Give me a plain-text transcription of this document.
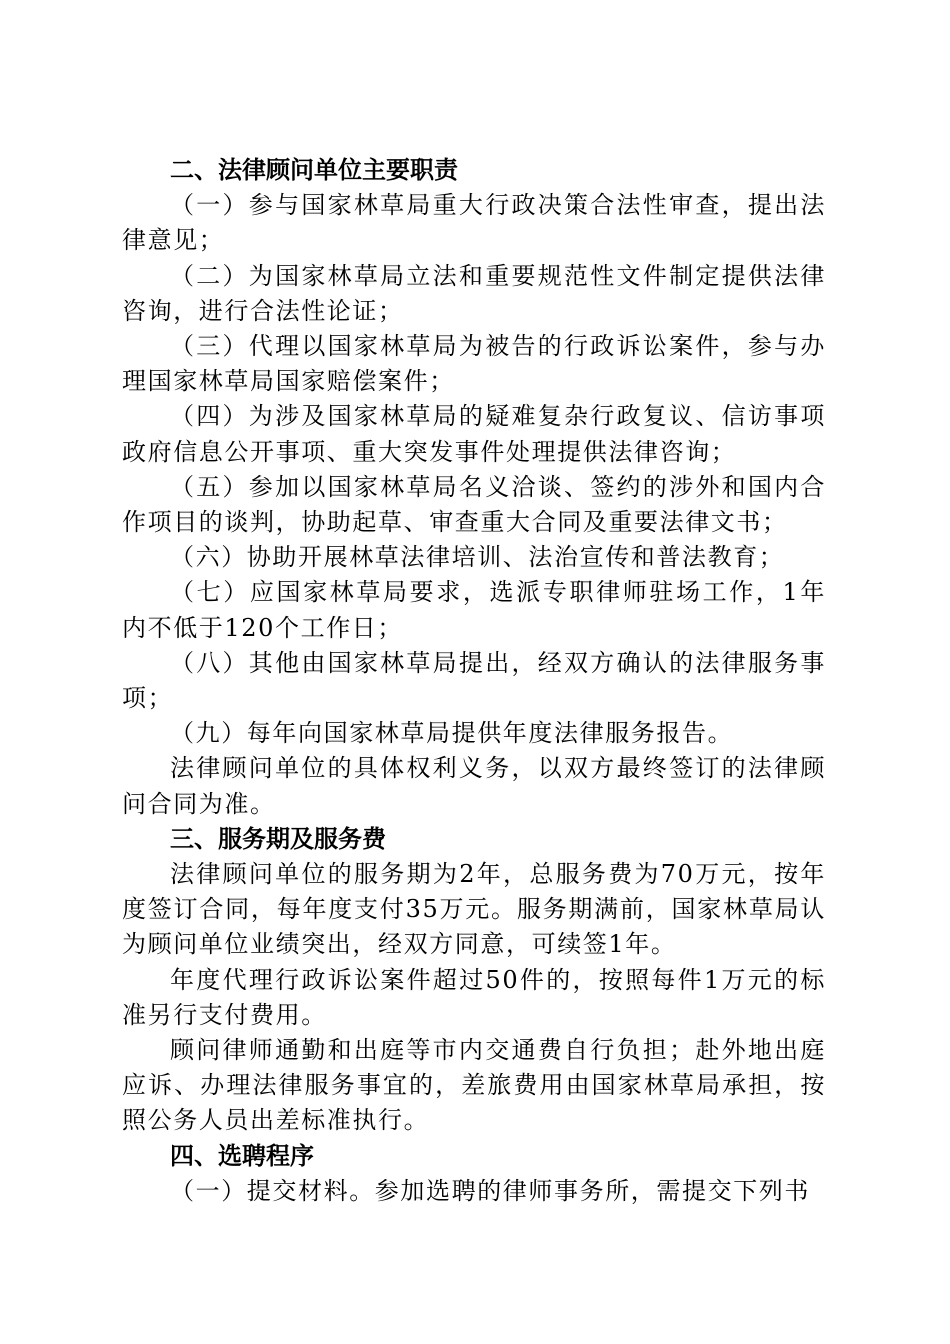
二、法律顾问单位主要职责

（一）参与国家林草局重大行政决策合法性审查，提出法律意见；

（二）为国家林草局立法和重要规范性文件制定提供法律咨询，进行合法性论证；

（三）代理以国家林草局为被告的行政诉讼案件，参与办理国家林草局国家赔偿案件；

（四）为涉及国家林草局的疑难复杂行政复议、信访事项政府信息公开事项、重大突发事件处理提供法律咨询；

（五）参加以国家林草局名义洽谈、签约的涉外和国内合作项目的谈判，协助起草、审查重大合同及重要法律文书；

（六）协助开展林草法律培训、法治宣传和普法教育；

（七）应国家林草局要求，选派专职律师驻场工作，1年内不低于120个工作日；

（八）其他由国家林草局提出，经双方确认的法律服务事项；

（九）每年向国家林草局提供年度法律服务报告。

法律顾问单位的具体权利义务，以双方最终签订的法律顾问合同为准。

三、服务期及服务费

法律顾问单位的服务期为2年，总服务费为70万元，按年度签订合同，每年度支付35万元。服务期满前，国家林草局认为顾问单位业绩突出，经双方同意，可续签1年。

年度代理行政诉讼案件超过50件的，按照每件1万元的标准另行支付费用。

顾问律师通勤和出庭等市内交通费自行负担；赴外地出庭应诉、办理法律服务事宜的，差旅费用由国家林草局承担，按照公务人员出差标准执行。

四、选聘程序

（一）提交材料。参加选聘的律师事务所，需提交下列书
